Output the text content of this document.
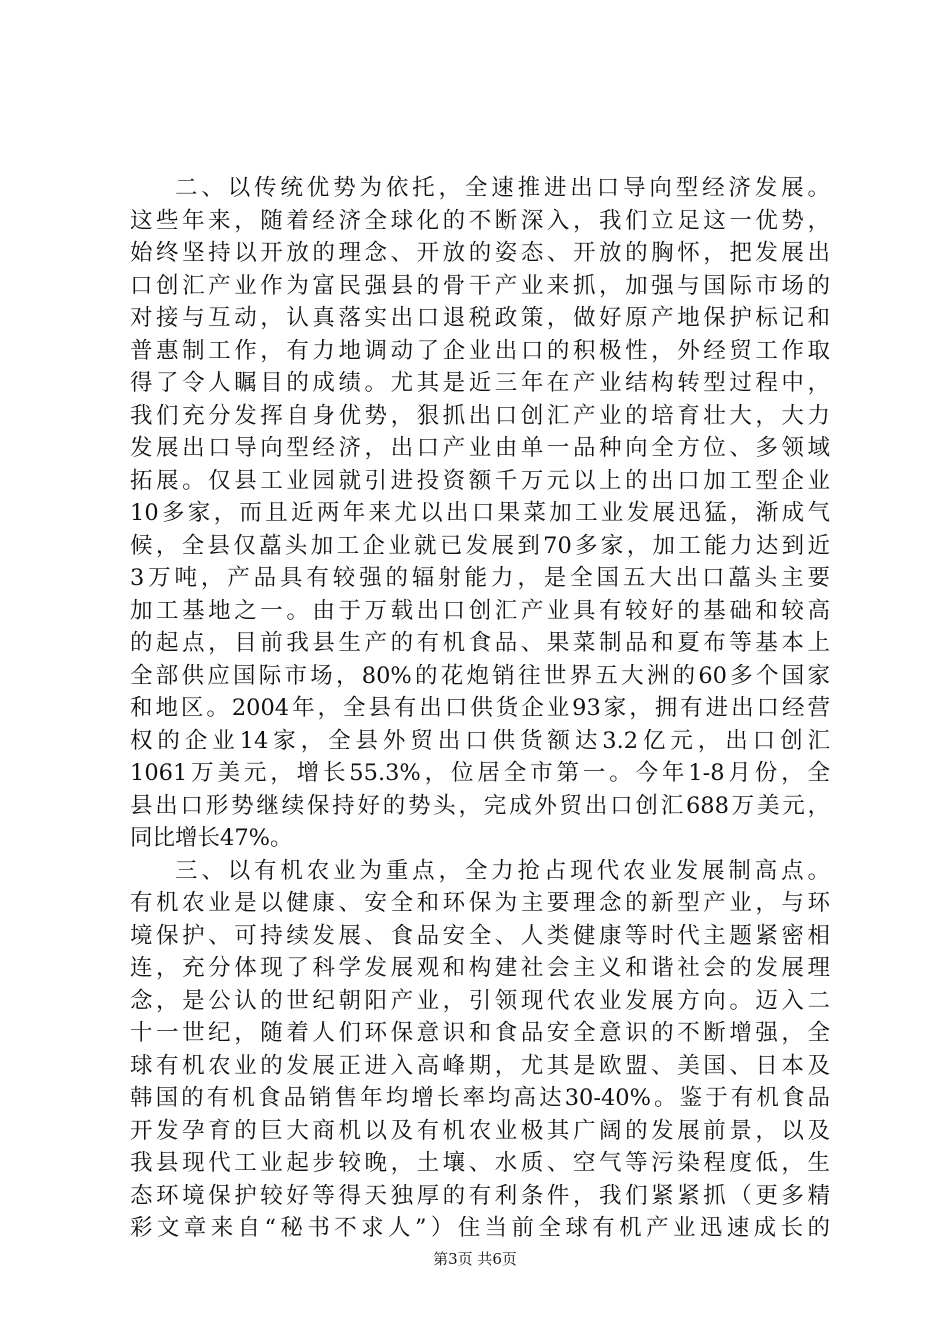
二、以传统优势为依托，全速推进出口导向型经济发展。
这些年来，随着经济全球化的不断深入，我们立足这一优势，
始终坚持以开放的理念、开放的姿态、开放的胸怀，把发展出
口创汇产业作为富民强县的骨干产业来抓，加强与国际市场的
对接与互动，认真落实出口退税政策，做好原产地保护标记和
普惠制工作，有力地调动了企业出口的积极性，外经贸工作取
得了令人瞩目的成绩。尤其是近三年在产业结构转型过程中，
我们充分发挥自身优势，狠抓出口创汇产业的培育壮大，大力
发展出口导向型经济，出口产业由单一品种向全方位、多领域
拓展。仅县工业园就引进投资额千万元以上的出口加工型企业
10多家，而且近两年来尤以出口果菜加工业发展迅猛，渐成气
候，全县仅藠头加工企业就已发展到70多家，加工能力达到近
3万吨，产品具有较强的辐射能力，是全国五大出口藠头主要
加工基地之一。由于万载出口创汇产业具有较好的基础和较高
的起点，目前我县生产的有机食品、果菜制品和夏布等基本上
全部供应国际市场，80%的花炮销往世界五大洲的60多个国家
和地区。2004年，全县有出口供货企业93家，拥有进出口经营
权的企业14家，全县外贸出口供货额达3.2亿元，出口创汇
1061万美元，增长55.3%，位居全市第一。今年1-8月份，全
县出口形势继续保持好的势头，完成外贸出口创汇688万美元，
同比增长47%。
三、以有机农业为重点，全力抢占现代农业发展制高点。
有机农业是以健康、安全和环保为主要理念的新型产业，与环
境保护、可持续发展、食品安全、人类健康等时代主题紧密相
连，充分体现了科学发展观和构建社会主义和谐社会的发展理
念，是公认的世纪朝阳产业，引领现代农业发展方向。迈入二
十一世纪，随着人们环保意识和食品安全意识的不断增强，全
球有机农业的发展正进入高峰期，尤其是欧盟、美国、日本及
韩国的有机食品销售年均增长率均高达30-40%。鉴于有机食品
开发孕育的巨大商机以及有机农业极其广阔的发展前景，以及
我县现代工业起步较晚，土壤、水质、空气等污染程度低，生
态环境保护较好等得天独厚的有利条件，我们紧紧抓（更多精
彩文章来自“秘书不求人”）住当前全球有机产业迅速成长的
第3页 共6页
